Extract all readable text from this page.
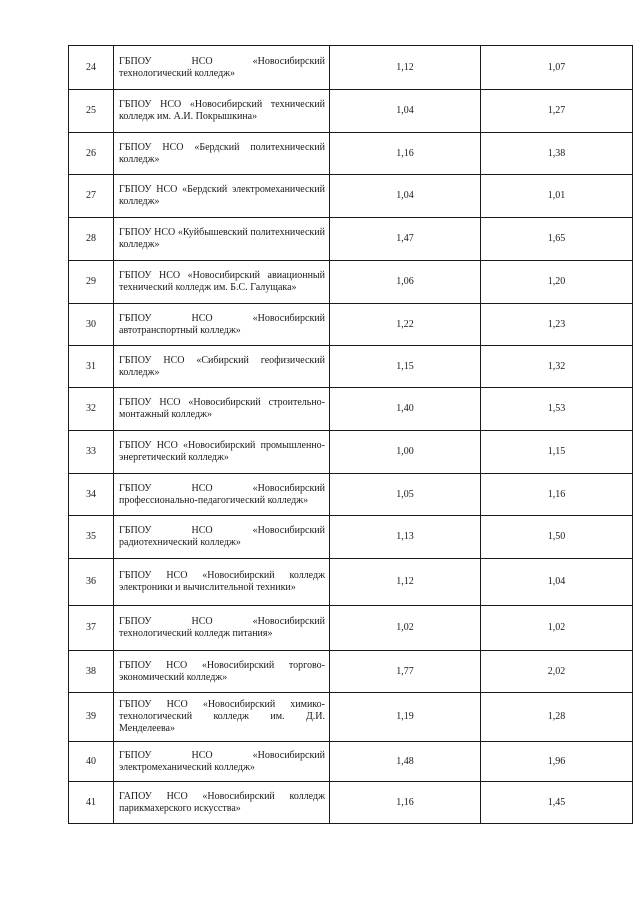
24	ГБПОУ НСО «Новосибирский технологический колледж»	1,12	1,07
25	ГБПОУ НСО «Новосибирский технический колледж им. А.И. Покрышкина»	1,04	1,27
26	ГБПОУ НСО «Бердский политехнический колледж»	1,16	1,38
27	ГБПОУ НСО «Бердский электромеханический колледж»	1,04	1,01
28	ГБПОУ НСО «Куйбышевский политехнический колледж»	1,47	1,65
29	ГБПОУ НСО «Новосибирский авиационный технический колледж им. Б.С. Галущака»	1,06	1,20
30	ГБПОУ НСО «Новосибирский автотранспортный колледж»	1,22	1,23
31	ГБПОУ НСО «Сибирский геофизический колледж»	1,15	1,32
32	ГБПОУ НСО «Новосибирский строительно-монтажный колледж»	1,40	1,53
33	ГБПОУ НСО «Новосибирский промышленно-энергетический колледж»	1,00	1,15
34	ГБПОУ НСО «Новосибирский профессионально-педагогический колледж»	1,05	1,16
35	ГБПОУ НСО «Новосибирский радиотехнический колледж»	1,13	1,50
36	ГБПОУ НСО «Новосибирский колледж электроники и вычислительной техники»	1,12	1,04
37	ГБПОУ НСО «Новосибирский технологический колледж питания»	1,02	1,02
38	ГБПОУ НСО «Новосибирский торгово-экономический колледж»	1,77	2,02
39	ГБПОУ НСО «Новосибирский химико-технологический колледж им. Д.И. Менделеева»	1,19	1,28
40	ГБПОУ НСО «Новосибирский электромеханический колледж»	1,48	1,96
41	ГАПОУ НСО «Новосибирский колледж парикмахерского искусства»	1,16	1,45
